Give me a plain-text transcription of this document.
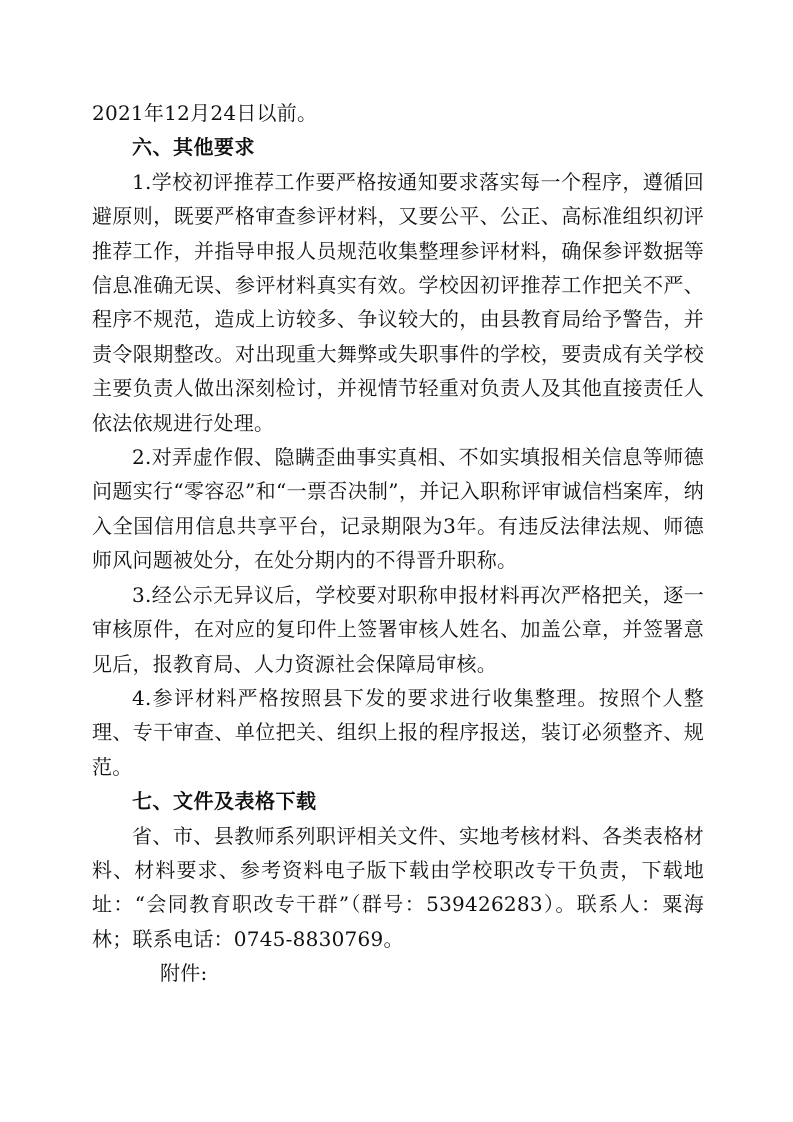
2021年12月24日以前。

六、其他要求

1.学校初评推荐工作要严格按通知要求落实每一个程序，遵循回避原则，既要严格审查参评材料，又要公平、公正、高标准组织初评推荐工作，并指导申报人员规范收集整理参评材料，确保参评数据等信息准确无误、参评材料真实有效。学校因初评推荐工作把关不严、程序不规范，造成上访较多、争议较大的，由县教育局给予警告，并责令限期整改。对出现重大舞弊或失职事件的学校，要责成有关学校主要负责人做出深刻检讨，并视情节轻重对负责人及其他直接责任人依法依规进行处理。

2.对弄虚作假、隐瞒歪曲事实真相、不如实填报相关信息等师德问题实行“零容忍”和“一票否决制”，并记入职称评审诚信档案库，纳入全国信用信息共享平台，记录期限为3年。有违反法律法规、师德师风问题被处分，在处分期内的不得晋升职称。

3.经公示无异议后，学校要对职称申报材料再次严格把关，逐一审核原件，在对应的复印件上签署审核人姓名、加盖公章，并签署意见后，报教育局、人力资源社会保障局审核。

4.参评材料严格按照县下发的要求进行收集整理。按照个人整理、专干审查、单位把关、组织上报的程序报送，装订必须整齐、规范。

七、文件及表格下载

省、市、县教师系列职评相关文件、实地考核材料、各类表格材料、材料要求、参考资料电子版下载由学校职改专干负责，下载地址：“会同教育职改专干群”（群号：539426283）。联系人：粟海林；联系电话：0745-8830769。

附件:
